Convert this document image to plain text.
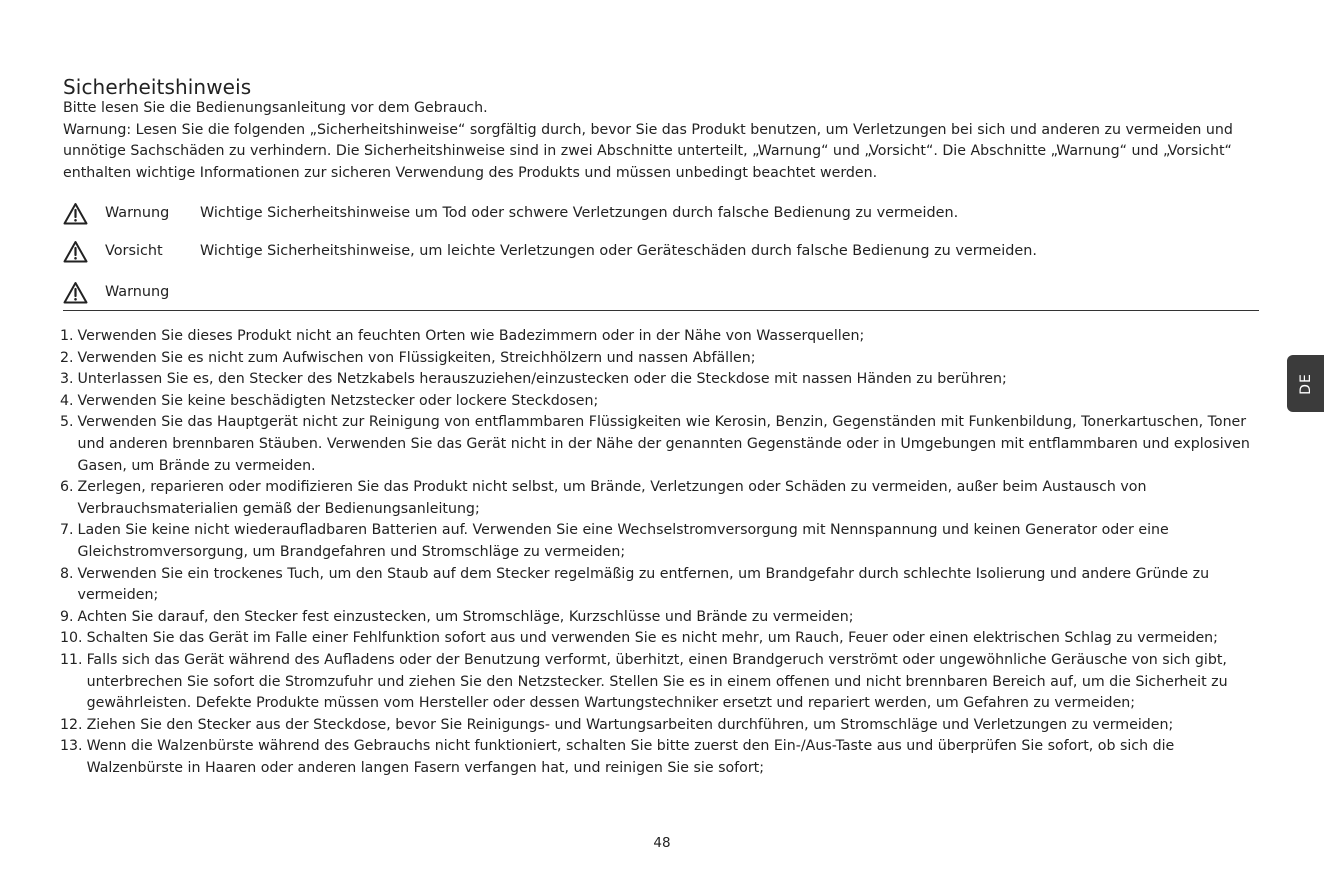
Sicherheitshinweis

Bitte lesen Sie die Bedienungsanleitung vor dem Gebrauch.

Warnung: Lesen Sie die folgenden „Sicherheitshinweise“ sorgfältig durch, bevor Sie das Produkt benutzen, um Verletzungen bei sich und anderen zu vermeiden und unnötige Sachschäden zu verhindern. Die Sicherheitshinweise sind in zwei Abschnitte unterteilt, „Warnung“ und „Vorsicht“. Die Abschnitte „Warnung“ und „Vorsicht“ enthalten wichtige Informationen zur sicheren Verwendung des Produkts und müssen unbedingt beachtet werden.

Warnung	Wichtige Sicherheitshinweise um Tod oder schwere Verletzungen durch falsche Bedienung zu vermeiden.
Vorsicht	Wichtige Sicherheitshinweise, um leichte Verletzungen oder Geräteschäden durch falsche Bedienung zu vermeiden.
Warnung
1. Verwenden Sie dieses Produkt nicht an feuchten Orten wie Badezimmern oder in der Nähe von Wasserquellen;
2. Verwenden Sie es nicht zum Aufwischen von Flüssigkeiten, Streichhölzern und nassen Abfällen;
3. Unterlassen Sie es, den Stecker des Netzkabels herauszuziehen/einzustecken oder die Steckdose mit nassen Händen zu berühren;
4. Verwenden Sie keine beschädigten Netzstecker oder lockere Steckdosen;
5. Verwenden Sie das Hauptgerät nicht zur Reinigung von entflammbaren Flüssigkeiten wie Kerosin, Benzin, Gegenständen mit Funkenbildung, Tonerkartuschen, Toner und anderen brennbaren Stäuben. Verwenden Sie das Gerät nicht in der Nähe der genannten Gegenstände oder in Umgebungen mit entflammbaren und explosiven Gasen, um Brände zu vermeiden.
6. Zerlegen, reparieren oder modifizieren Sie das Produkt nicht selbst, um Brände, Verletzungen oder Schäden zu vermeiden, außer beim Austausch von Verbrauchsmaterialien gemäß der Bedienungsanleitung;
7. Laden Sie keine nicht wiederaufladbaren Batterien auf. Verwenden Sie eine Wechselstromversorgung mit Nennspannung und keinen Generator oder eine Gleichstromversorgung, um Brandgefahren und Stromschläge zu vermeiden;
8. Verwenden Sie ein trockenes Tuch, um den Staub auf dem Stecker regelmäßig zu entfernen, um Brandgefahr durch schlechte Isolierung und andere Gründe zu vermeiden;
9. Achten Sie darauf, den Stecker fest einzustecken, um Stromschläge, Kurzschlüsse und Brände zu vermeiden;
10. Schalten Sie das Gerät im Falle einer Fehlfunktion sofort aus und verwenden Sie es nicht mehr, um Rauch, Feuer oder einen elektrischen Schlag zu vermeiden;
11. Falls sich das Gerät während des Aufladens oder der Benutzung verformt, überhitzt, einen Brandgeruch verströmt oder ungewöhnliche Geräusche von sich gibt, unterbrechen Sie sofort die Stromzufuhr und ziehen Sie den Netzstecker. Stellen Sie es in einem offenen und nicht brennbaren Bereich auf, um die Sicherheit zu gewährleisten. Defekte Produkte müssen vom Hersteller oder dessen Wartungstechniker ersetzt und repariert werden, um Gefahren zu vermeiden;
12. Ziehen Sie den Stecker aus der Steckdose, bevor Sie Reinigungs- und Wartungsarbeiten durchführen, um Stromschläge und Verletzungen zu vermeiden;
13. Wenn die Walzenbürste während des Gebrauchs nicht funktioniert, schalten Sie bitte zuerst den Ein-/Aus-Taste aus und überprüfen Sie sofort, ob sich die Walzenbürste in Haaren oder anderen langen Fasern verfangen hat, und reinigen Sie sie sofort;
48
DE
